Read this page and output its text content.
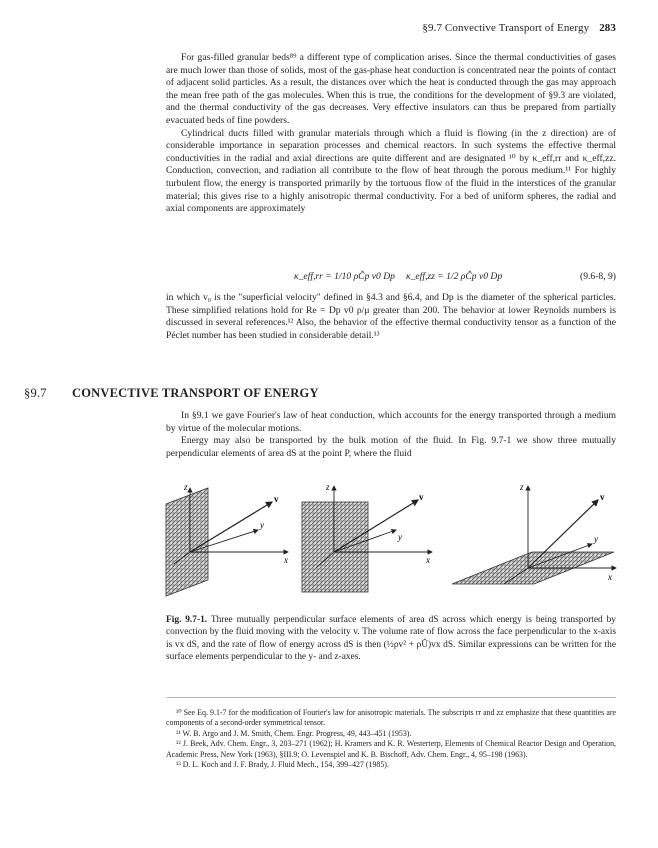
§9.7 Convective Transport of Energy 283

For gas-filled granular beds⁸⁹ a different type of complication arises. Since the thermal conductivities of gases are much lower than those of solids, most of the gas-phase heat conduction is concentrated near the points of contact of adjacent solid particles. As a result, the distances over which the heat is conducted through the gas may approach the mean free path of the gas molecules. When this is true, the conditions for the development of §9.3 are violated, and the thermal conductivity of the gas decreases. Very effective insulators can thus be prepared from partially evacuated beds of fine powders.

Cylindrical ducts filled with granular materials through which a fluid is flowing (in the z direction) are of considerable importance in separation processes and chemical reactors. In such systems the effective thermal conductivities in the radial and axial directions are quite different and are designated ¹⁰ by κ_eff,rr and κ_eff,zz. Conduction, convection, and radiation all contribute to the flow of heat through the porous medium.¹¹ For highly turbulent flow, the energy is transported primarily by the tortuous flow of the fluid in the interstices of the granular material; this gives rise to a highly anisotropic thermal conductivity. For a bed of uniform spheres, the radial and axial components are approximately

κ_eff,rr = 1/10 ρĈp v0 Dp κ_eff,zz = 1/2 ρĈp v0 Dp	(9.6-8, 9)

in which v₀ is the "superficial velocity" defined in §4.3 and §6.4, and Dp is the diameter of the spherical particles. These simplified relations hold for Re = Dp v0 ρ/μ greater than 200. The behavior at lower Reynolds numbers is discussed in several references.¹² Also, the behavior of the effective thermal conductivity tensor as a function of the Péclet number has been studied in considerable detail.¹³

§9.7 CONVECTIVE TRANSPORT OF ENERGY

In §9.1 we gave Fourier's law of heat conduction, which accounts for the energy transported through a medium by virtue of the molecular motions.

Energy may also be transported by the bulk motion of the fluid. In Fig. 9.7-1 we show three mutually perpendicular elements of area dS at the point P, where the fluid

z
x
y
v
z
x
y
v
z
x
y
v
Fig. 9.7-1. Three mutually perpendicular surface elements of area dS across which energy is being transported by convection by the fluid moving with the velocity v. The volume rate of flow across the face perpendicular to the x-axis is vx dS, and the rate of flow of energy across dS is then (½ρv² + ρÛ)vx dS. Similar expressions can be written for the surface elements perpendicular to the y- and z-axes.

¹⁰ See Eq. 9.1-7 for the modification of Fourier's law for anisotropic materials. The subscripts rr and zz emphasize that these quantities are components of a second-order symmetrical tensor.

¹¹ W. B. Argo and J. M. Smith, Chem. Engr. Progress, 49, 443–451 (1953).

¹² J. Beek, Adv. Chem. Engr., 3, 203–271 (1962); H. Kramers and K. R. Westerterp, Elements of Chemical Reactor Design and Operation, Academic Press, New York (1963), §III.9; O. Levenspiel and K. B. Bischoff, Adv. Chem. Engr., 4, 95–198 (1963).

¹³ D. L. Koch and J. F. Brady, J. Fluid Mech., 154, 399–427 (1985).
